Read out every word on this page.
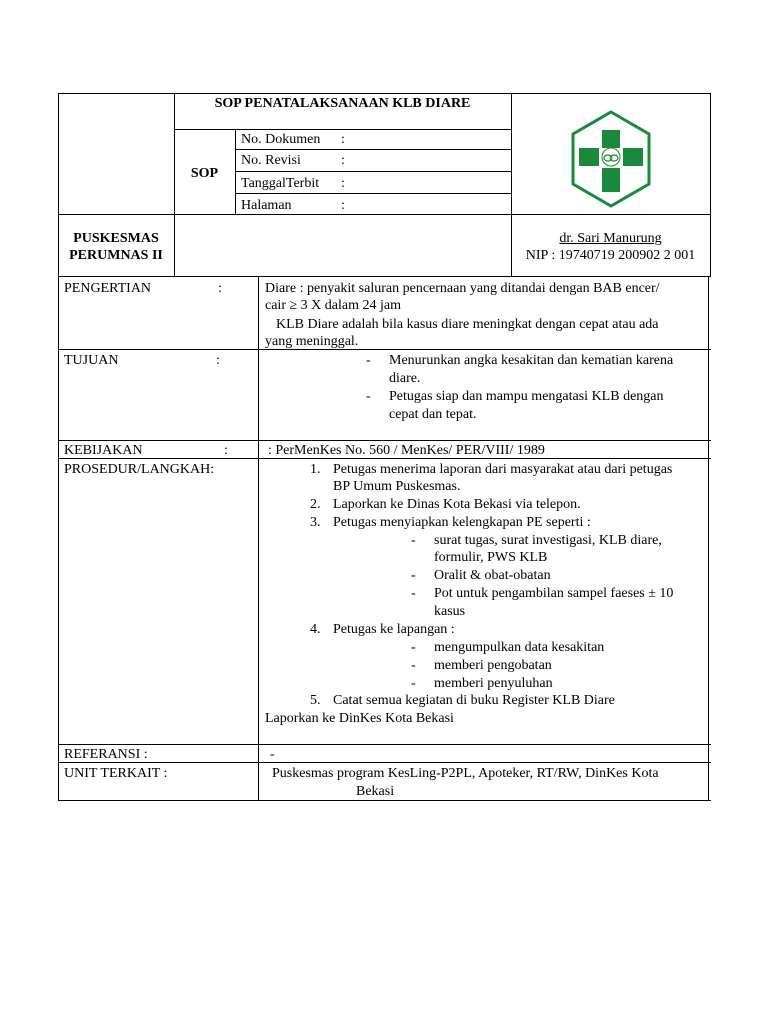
SOP PENATALAKSANAAN KLB DIARE
SOP
No. Dokumen :
No. Revisi	:
TanggalTerbit :
Halaman	:
PUSKESMAS
PERUMNAS II
dr. Sari Manurung
NIP : 19740719 200902 2 001
PENGERTIAN	:	Diare : penyakit saluran pencernaan yang ditandai dengan BAB encer/
cair ≥ 3 X dalam 24 jam
KLB Diare adalah bila kasus diare meningkat dengan cepat atau ada
yang meninggal.
TUJUAN	:	- Menurunkan angka kesakitan dan kematian karena
diare.
- Petugas siap dan mampu mengatasi KLB dengan
cepat dan tepat.
KEBIJAKAN	:	: PerMenKes No. 560 / MenKes/ PER/VIII/ 1989
PROSEDUR/LANGKAH:	1. Petugas menerima laporan dari masyarakat atau dari petugas
BP Umum Puskesmas.
2. Laporkan ke Dinas Kota Bekasi via telepon.
3. Petugas menyiapkan kelengkapan PE seperti :
- surat tugas, surat investigasi, KLB diare,
formulir, PWS KLB
- Oralit & obat-obatan
- Pot untuk pengambilan sampel faeses ± 10
kasus
4. Petugas ke lapangan :
- mengumpulkan data kesakitan
- memberi pengobatan
- memberi penyuluhan
5. Catat semua kegiatan di buku Register KLB Diare
Laporkan ke DinKes Kota Bekasi
REFERANSI :	-
UNIT TERKAIT :	Puskesmas program KesLing-P2PL, Apoteker, RT/RW, DinKes Kota
Bekasi
